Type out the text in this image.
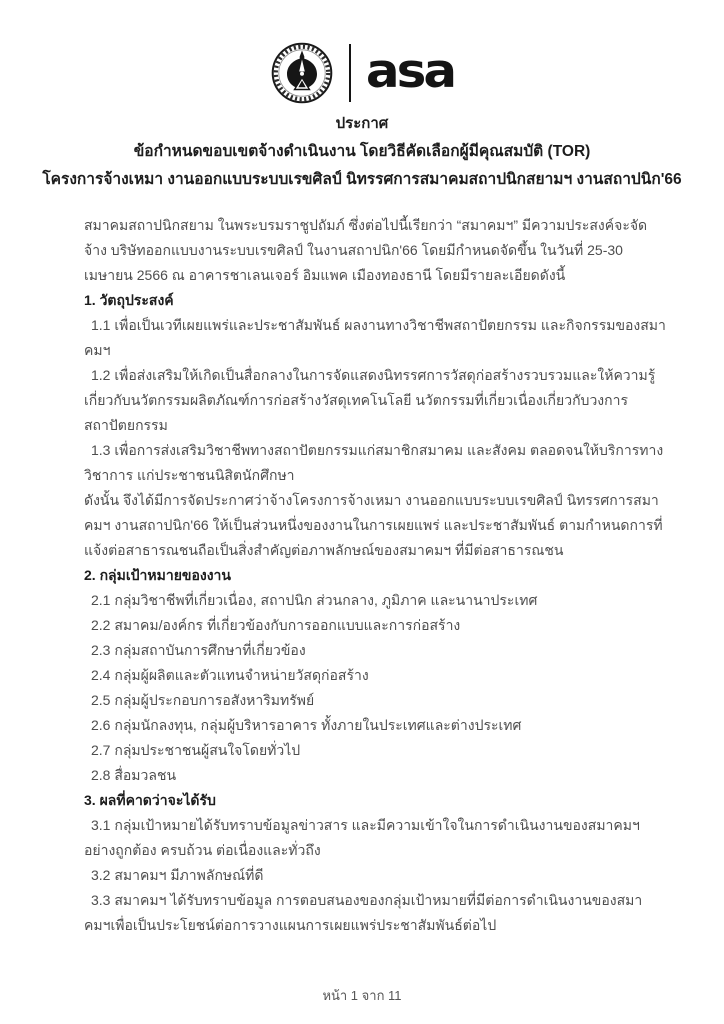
asa
ประกาศ
ข้อกำหนดขอบเขตจ้างดำเนินงาน โดยวิธีคัดเลือกผู้มีคุณสมบัติ (TOR)
โครงการจ้างเหมา งานออกแบบระบบเรขศิลป์ นิทรรศการสมาคมสถาปนิกสยามฯ งานสถาปนิก'66

สมาคมสถาปนิกสยาม ในพระบรมราชูปถัมภ์ ซึ่งต่อไปนี้เรียกว่า “สมาคมฯ” มีความประสงค์จะจัดจ้าง บริษัทออกแบบงานระบบเรขศิลป์ ในงานสถาปนิก'66 โดยมีกำหนดจัดขึ้น ในวันที่ 25-30 เมษายน 2566 ณ อาคารชาเลนเจอร์ อิมแพค เมืองทองธานี โดยมีรายละเอียดดังนี้

1. วัตถุประสงค์
1.1 เพื่อเป็นเวทีเผยแพร่และประชาสัมพันธ์ ผลงานทางวิชาชีพสถาปัตยกรรม และกิจกรรมของสมาคมฯ
1.2 เพื่อส่งเสริมให้เกิดเป็นสื่อกลางในการจัดแสดงนิทรรศการวัสดุก่อสร้างรวบรวมและให้ความรู้เกี่ยวกับนวัตกรรมผลิตภัณฑ์การก่อสร้างวัสดุเทคโนโลยี นวัตกรรมที่เกี่ยวเนื่องเกี่ยวกับวงการสถาปัตยกรรม
1.3 เพื่อการส่งเสริมวิชาชีพทางสถาปัตยกรรมแก่สมาชิกสมาคม และสังคม ตลอดจนให้บริการทางวิชาการ แก่ประชาชนนิสิตนักศึกษา

ดังนั้น จึงได้มีการจัดประกาศว่าจ้างโครงการจ้างเหมา งานออกแบบระบบเรขศิลป์ นิทรรศการสมาคมฯ งานสถาปนิก'66 ให้เป็นส่วนหนึ่งของงานในการเผยแพร่ และประชาสัมพันธ์ ตามกำหนดการที่แจ้งต่อสาธารณชนถือเป็นสิ่งสำคัญต่อภาพลักษณ์ของสมาคมฯ ที่มีต่อสาธารณชน

2. กลุ่มเป้าหมายของงาน
2.1 กลุ่มวิชาชีพที่เกี่ยวเนื่อง, สถาปนิก ส่วนกลาง, ภูมิภาค และนานาประเทศ
2.2 สมาคม/องค์กร ที่เกี่ยวข้องกับการออกแบบและการก่อสร้าง
2.3 กลุ่มสถาบันการศึกษาที่เกี่ยวข้อง
2.4 กลุ่มผู้ผลิตและตัวแทนจำหน่ายวัสดุก่อสร้าง
2.5 กลุ่มผู้ประกอบการอสังหาริมทรัพย์
2.6 กลุ่มนักลงทุน, กลุ่มผู้บริหารอาคาร ทั้งภายในประเทศและต่างประเทศ
2.7 กลุ่มประชาชนผู้สนใจโดยทั่วไป
2.8 สื่อมวลชน
3. ผลที่คาดว่าจะได้รับ
3.1 กลุ่มเป้าหมายได้รับทราบข้อมูลข่าวสาร และมีความเข้าใจในการดำเนินงานของสมาคมฯอย่างถูกต้อง ครบถ้วน ต่อเนื่องและทั่วถึง
3.2 สมาคมฯ มีภาพลักษณ์ที่ดี
3.3 สมาคมฯ ได้รับทราบข้อมูล การตอบสนองของกลุ่มเป้าหมายที่มีต่อการดำเนินงานของสมาคมฯเพื่อเป็นประโยชน์ต่อการวางแผนการเผยแพร่ประชาสัมพันธ์ต่อไป
หน้า 1 จาก 11
